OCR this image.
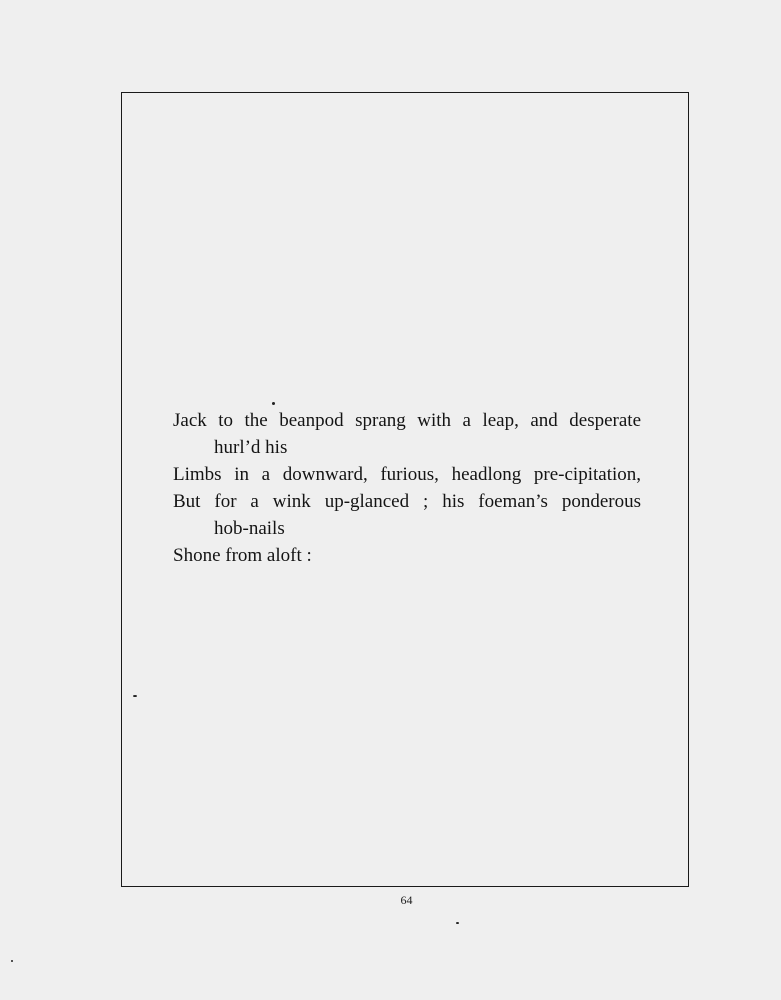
Jack to the beanpod sprang with a leap, and desperate
hurl’d his
Limbs in a downward, furious, headlong pre-cipitation,
But for a wink up-glanced ; his foeman’s ponderous
hob-nails
Shone from aloft :
64
